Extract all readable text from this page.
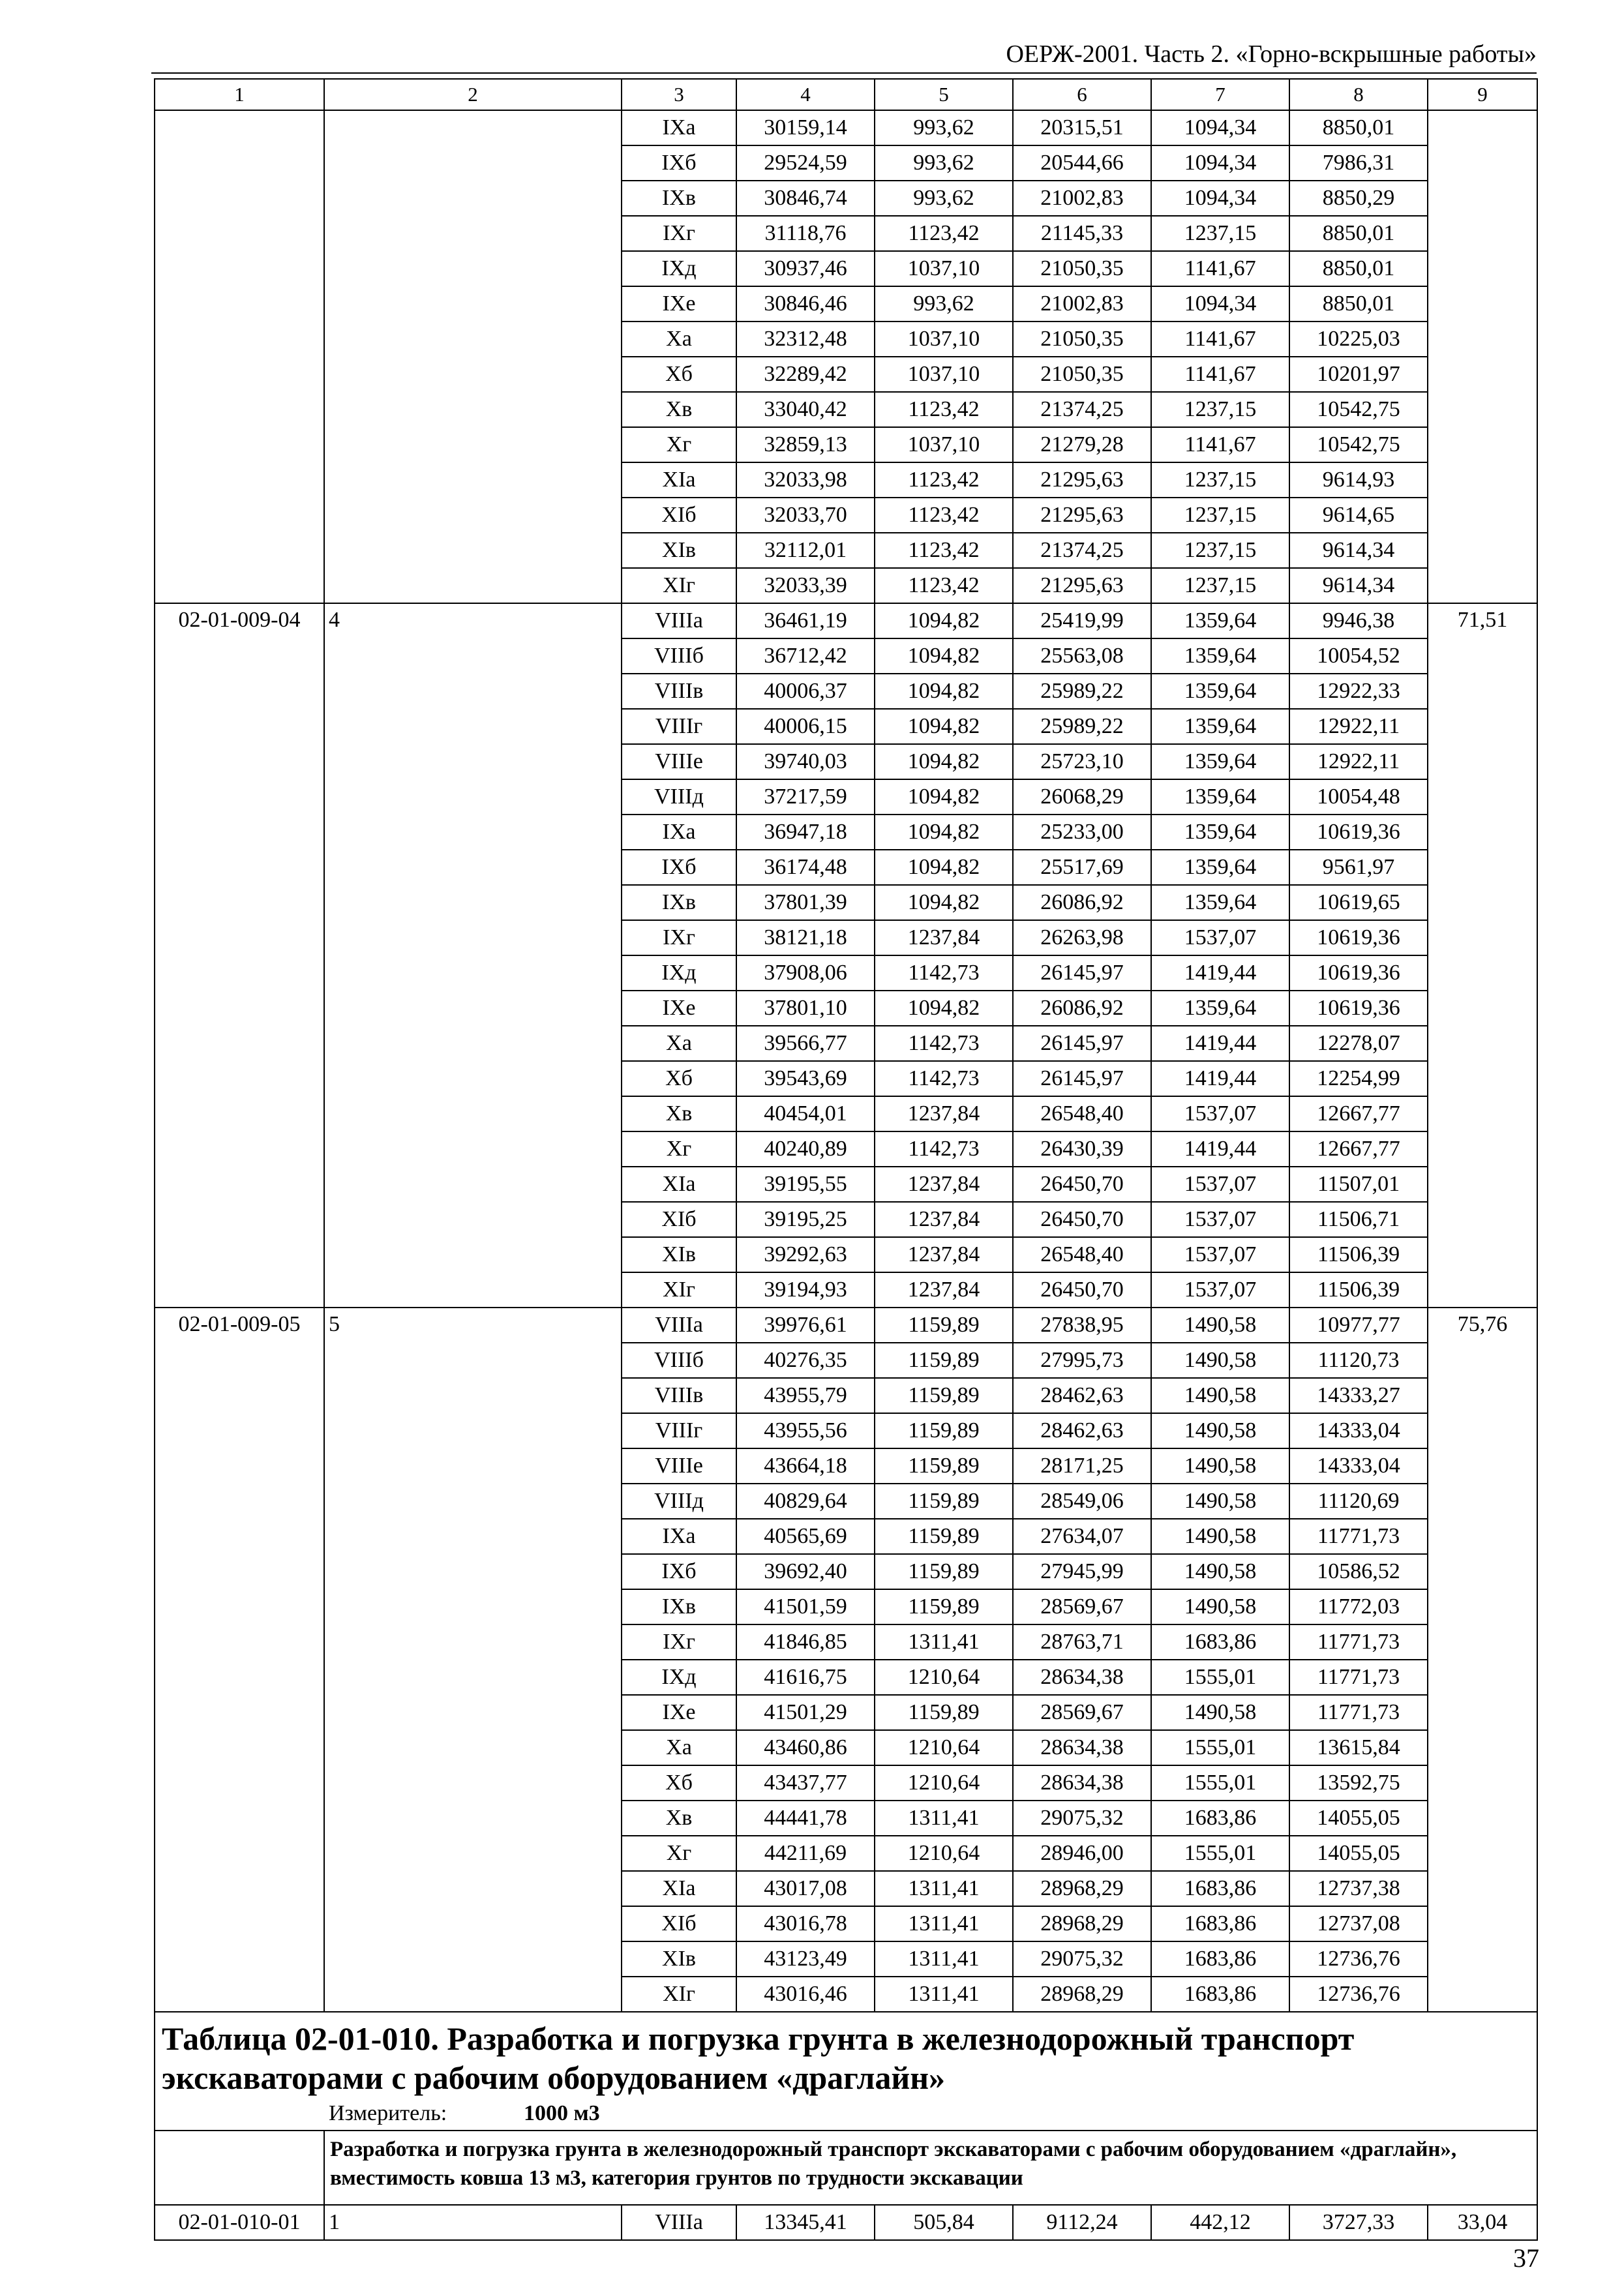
ОЕРЖ-2001. Часть 2. «Горно-вскрышные работы»
1	2	3	4	5	6	7	8	9
		IXа	30159,14	993,62	20315,51	1094,34	8850,01	
		IXб	29524,59	993,62	20544,66	1094,34	7986,31	
		IXв	30846,74	993,62	21002,83	1094,34	8850,29	
		IXг	31118,76	1123,42	21145,33	1237,15	8850,01	
		IXд	30937,46	1037,10	21050,35	1141,67	8850,01	
		IXе	30846,46	993,62	21002,83	1094,34	8850,01	
		Xа	32312,48	1037,10	21050,35	1141,67	10225,03	
		Xб	32289,42	1037,10	21050,35	1141,67	10201,97	
		Xв	33040,42	1123,42	21374,25	1237,15	10542,75	
		Xг	32859,13	1037,10	21279,28	1141,67	10542,75	
		XIа	32033,98	1123,42	21295,63	1237,15	9614,93	
		XIб	32033,70	1123,42	21295,63	1237,15	9614,65	
		XIв	32112,01	1123,42	21374,25	1237,15	9614,34	
		XIг	32033,39	1123,42	21295,63	1237,15	9614,34	
02-01-009-04	4	VIIIа	36461,19	1094,82	25419,99	1359,64	9946,38	71,51
		VIIIб	36712,42	1094,82	25563,08	1359,64	10054,52	
		VIIIв	40006,37	1094,82	25989,22	1359,64	12922,33	
		VIIIг	40006,15	1094,82	25989,22	1359,64	12922,11	
		VIIIе	39740,03	1094,82	25723,10	1359,64	12922,11	
		VIIIд	37217,59	1094,82	26068,29	1359,64	10054,48	
		IXа	36947,18	1094,82	25233,00	1359,64	10619,36	
		IXб	36174,48	1094,82	25517,69	1359,64	9561,97	
		IXв	37801,39	1094,82	26086,92	1359,64	10619,65	
		IXг	38121,18	1237,84	26263,98	1537,07	10619,36	
		IXд	37908,06	1142,73	26145,97	1419,44	10619,36	
		IXе	37801,10	1094,82	26086,92	1359,64	10619,36	
		Xа	39566,77	1142,73	26145,97	1419,44	12278,07	
		Xб	39543,69	1142,73	26145,97	1419,44	12254,99	
		Xв	40454,01	1237,84	26548,40	1537,07	12667,77	
		Xг	40240,89	1142,73	26430,39	1419,44	12667,77	
		XIа	39195,55	1237,84	26450,70	1537,07	11507,01	
		XIб	39195,25	1237,84	26450,70	1537,07	11506,71	
		XIв	39292,63	1237,84	26548,40	1537,07	11506,39	
		XIг	39194,93	1237,84	26450,70	1537,07	11506,39	
02-01-009-05	5	VIIIа	39976,61	1159,89	27838,95	1490,58	10977,77	75,76
		VIIIб	40276,35	1159,89	27995,73	1490,58	11120,73	
		VIIIв	43955,79	1159,89	28462,63	1490,58	14333,27	
		VIIIг	43955,56	1159,89	28462,63	1490,58	14333,04	
		VIIIе	43664,18	1159,89	28171,25	1490,58	14333,04	
		VIIIд	40829,64	1159,89	28549,06	1490,58	11120,69	
		IXа	40565,69	1159,89	27634,07	1490,58	11771,73	
		IXб	39692,40	1159,89	27945,99	1490,58	10586,52	
		IXв	41501,59	1159,89	28569,67	1490,58	11772,03	
		IXг	41846,85	1311,41	28763,71	1683,86	11771,73	
		IXд	41616,75	1210,64	28634,38	1555,01	11771,73	
		IXе	41501,29	1159,89	28569,67	1490,58	11771,73	
		Xа	43460,86	1210,64	28634,38	1555,01	13615,84	
		Xб	43437,77	1210,64	28634,38	1555,01	13592,75	
		Xв	44441,78	1311,41	29075,32	1683,86	14055,05	
		Xг	44211,69	1210,64	28946,00	1555,01	14055,05	
		XIа	43017,08	1311,41	28968,29	1683,86	12737,38	
		XIб	43016,78	1311,41	28968,29	1683,86	12737,08	
		XIв	43123,49	1311,41	29075,32	1683,86	12736,76	
		XIг	43016,46	1311,41	28968,29	1683,86	12736,76	

Таблица 02-01-010. Разработка и погрузка грунта в железнодорожный транспорт экскаваторами с рабочим оборудованием «драглайн»
Измеритель: 1000 м3								

	Разработка и погрузка грунта в железнодорожный транспорт экскаваторами с рабочим оборудованием «драглайн», вместимость ковша 13 м3, категория грунтов по трудности экскавации							

02-01-010-01	1	VIIIа	13345,41	505,84	9112,24	442,12	3727,33	33,04
37
